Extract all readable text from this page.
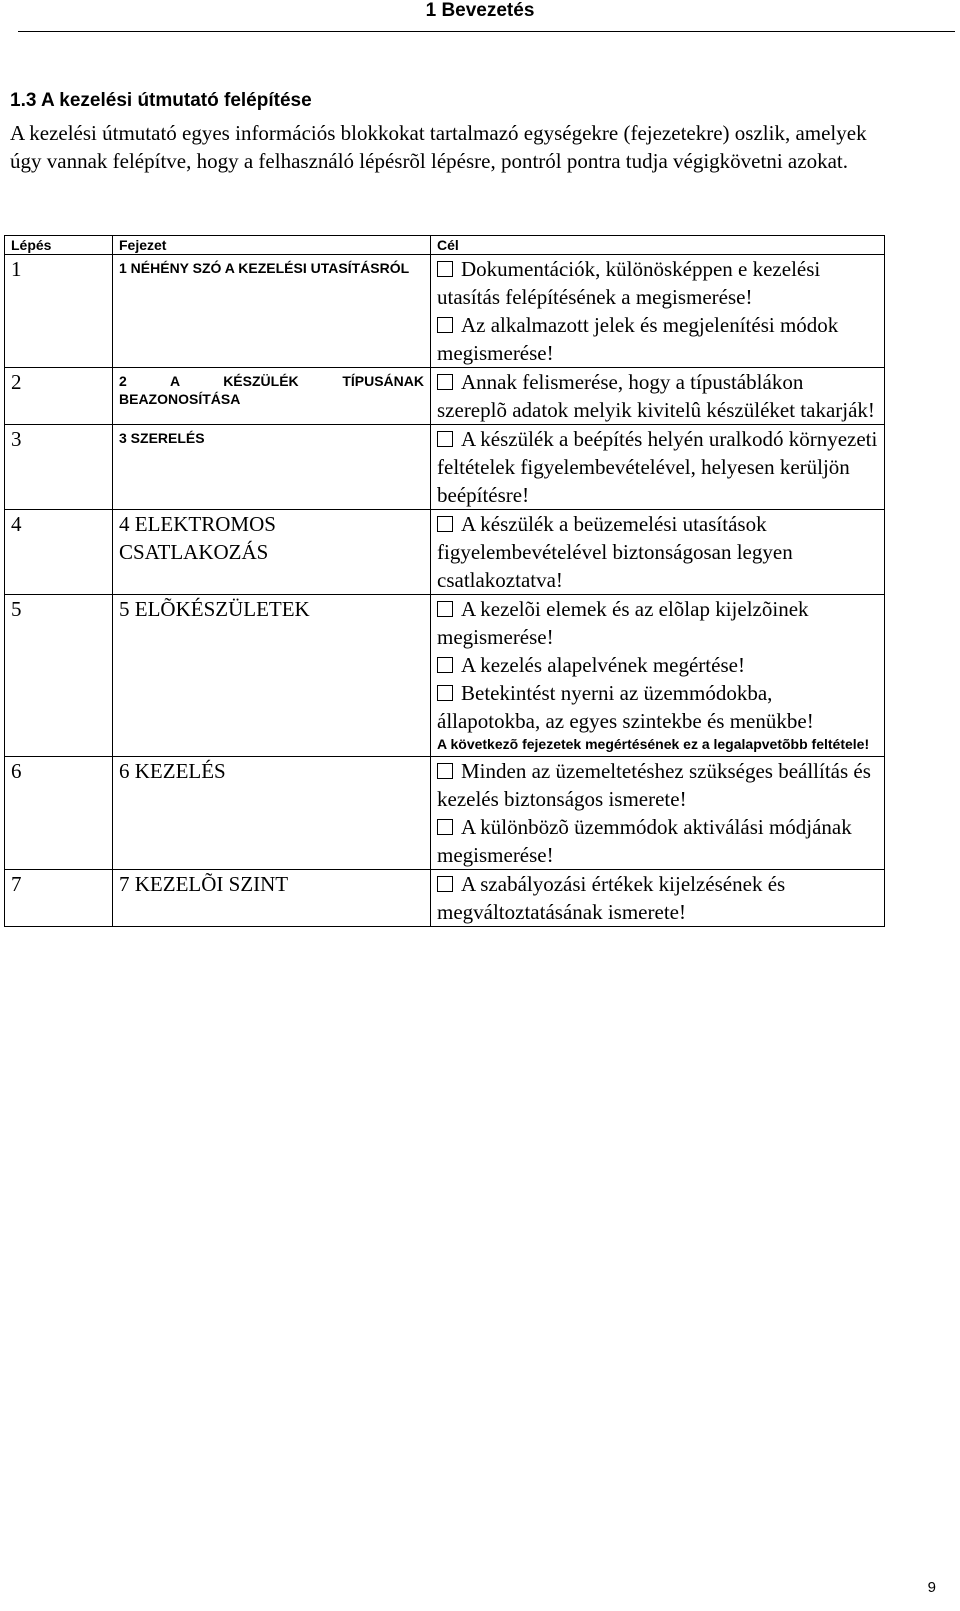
1 Bevezetés
1.3 A kezelési útmutató felépítése

A kezelési útmutató egyes információs blokkokat tartalmazó egységekre (fejezetekre) oszlik, amelyek úgy vannak felépítve, hogy a felhasználó lépésrõl lépésre, pontról pontra tudja végigkövetni azokat.

Lépés	Fejezet	Cél
1	1 NÉHÉNY SZÓ A KEZELÉSI UTASÍTÁSRÓL	Dokumentációk, különösképpen e kezelési utasítás felépítésének a megismerése!
Az alkalmazott jelek és megjelenítési módok megismerése!

2	2 A KÉSZÜLÉK TÍPUSÁNAK BEAZONOSÍTÁSA	Annak felismerése, hogy a típustáblákon szereplõ adatok melyik kivitelû készüléket takarják!

3	3 SZERELÉS	A készülék a beépítés helyén uralkodó környezeti feltételek figyelembevételével, helyesen kerüljön beépítésre!

4	4 ELEKTROMOS CSATLAKOZÁS	A készülék a beüzemelési utasítások figyelembevételével biztonságosan legyen csatlakoztatva!

5	5 ELÕKÉSZÜLETEK	A kezelõi elemek és az elõlap kijelzõinek megismerése!
A kezelés alapelvének megértése!
Betekintést nyerni az üzemmódokba, állapotokba, az egyes szintekbe és menükbe!
A következõ fejezetek megértésének ez a legalapvetõbb feltétele!

6	6 KEZELÉS	Minden az üzemeltetéshez szükséges beállítás és kezelés biztonságos ismerete!
A különbözõ üzemmódok aktiválási módjának megismerése!

7	7 KEZELÕI SZINT	A szabályozási értékek kijelzésének és megváltoztatásának ismerete!
9
